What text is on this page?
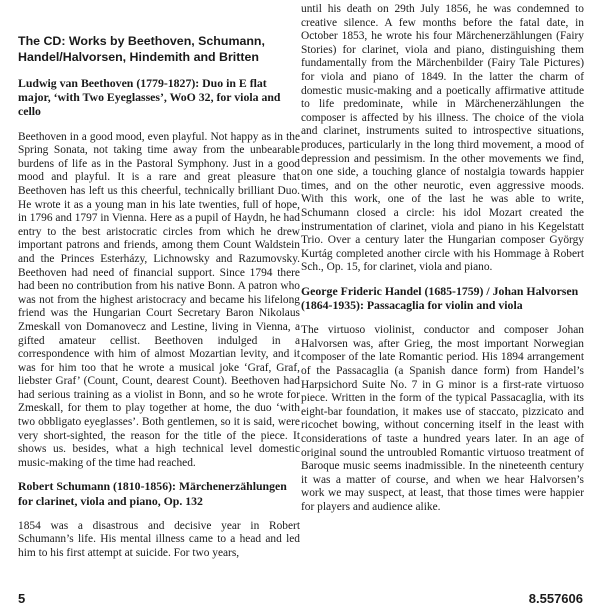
The CD: Works by Beethoven, Schumann, Handel/Halvorsen, Hindemith and Britten
Ludwig van Beethoven (1779-1827): Duo in E flat major, ‘with Two Eyeglasses’, WoO 32, for viola and cello

Beethoven in a good mood, even playful. Not happy as in the Spring Sonata, not taking time away from the unbearable burdens of life as in the Pastoral Symphony. Just in a good mood and playful. It is a rare and great pleasure that Beethoven has left us this cheerful, technically brilliant Duo. He wrote it as a young man in his late twenties, full of hope, in 1796 and 1797 in Vienna. Here as a pupil of Haydn, he had entry to the best aristocratic circles from which he drew important patrons and friends, among them Count Waldstein and the Princes Esterházy, Lichnowsky and Razumovsky. Beethoven had need of financial support. Since 1794 there had been no contribution from his native Bonn. A patron who was not from the highest aristocracy and became his lifelong friend was the Hungarian Court Secretary Baron Nikolaus Zmeskall von Domanovecz and Lestine, living in Vienna, a gifted amateur cellist. Beethoven indulged in a correspondence with him of almost Mozartian levity, and it was for him too that he wrote a musical joke ‘Graf, Graf, liebster Graf’ (Count, Count, dearest Count). Beethoven had had serious training as a violist in Bonn, and so he wrote for Zmeskall, for them to play together at home, the duo ‘with two obbligato eyeglasses’. Both gentlemen, so it is said, were very short-sighted, the reason for the title of the piece. It shows us. besides, what a high technical level domestic music-making of the time had reached.

Robert Schumann (1810-1856): Märchenerzählungen for clarinet, viola and piano, Op. 132

1854 was a disastrous and decisive year in Robert Schumann’s life. His mental illness came to a head and led him to his first attempt at suicide. For two years,

until his death on 29th July 1856, he was condemned to creative silence. A few months before the fatal date, in October 1853, he wrote his four Märchenerzählungen (Fairy Stories) for clarinet, viola and piano, distinguishing them fundamentally from the Märchenbilder (Fairy Tale Pictures) for viola and piano of 1849. In the latter the charm of domestic music-making and a poetically affirmative attitude to life predominate, while in Märchenerzählungen the composer is affected by his illness. The choice of the viola and clarinet, instruments suited to introspective situations, produces, particularly in the long third movement, a mood of depression and pessimism. In the other movements we find, on one side, a touching glance of nostalgia towards happier times, and on the other neurotic, even aggressive moods. With this work, one of the last he was able to write, Schumann closed a circle: his idol Mozart created the instrumentation of clarinet, viola and piano in his Kegelstatt Trio. Over a century later the Hungarian composer György Kurtág completed another circle with his Hommage à Robert Sch., Op. 15, for clarinet, viola and piano.

George Frideric Handel (1685-1759) / Johan Halvorsen (1864-1935): Passacaglia for violin and viola

The virtuoso violinist, conductor and composer Johan Halvorsen was, after Grieg, the most important Norwegian composer of the late Romantic period. His 1894 arrangement of the Passacaglia (a Spanish dance form) from Handel’s Harpsichord Suite No. 7 in G minor is a first-rate virtuoso piece. Written in the form of the typical Passacaglia, with its eight-bar foundation, it makes use of staccato, pizzicato and ricochet bowing, without concerning itself in the least with considerations of taste a hundred years later. In an age of original sound the untroubled Romantic virtuoso treatment of Baroque music seems inadmissible. In the nineteenth century it was a matter of course, and when we hear Halvorsen’s work we may suspect, at least, that those times were happier for players and audience alike.

5	8.557606
